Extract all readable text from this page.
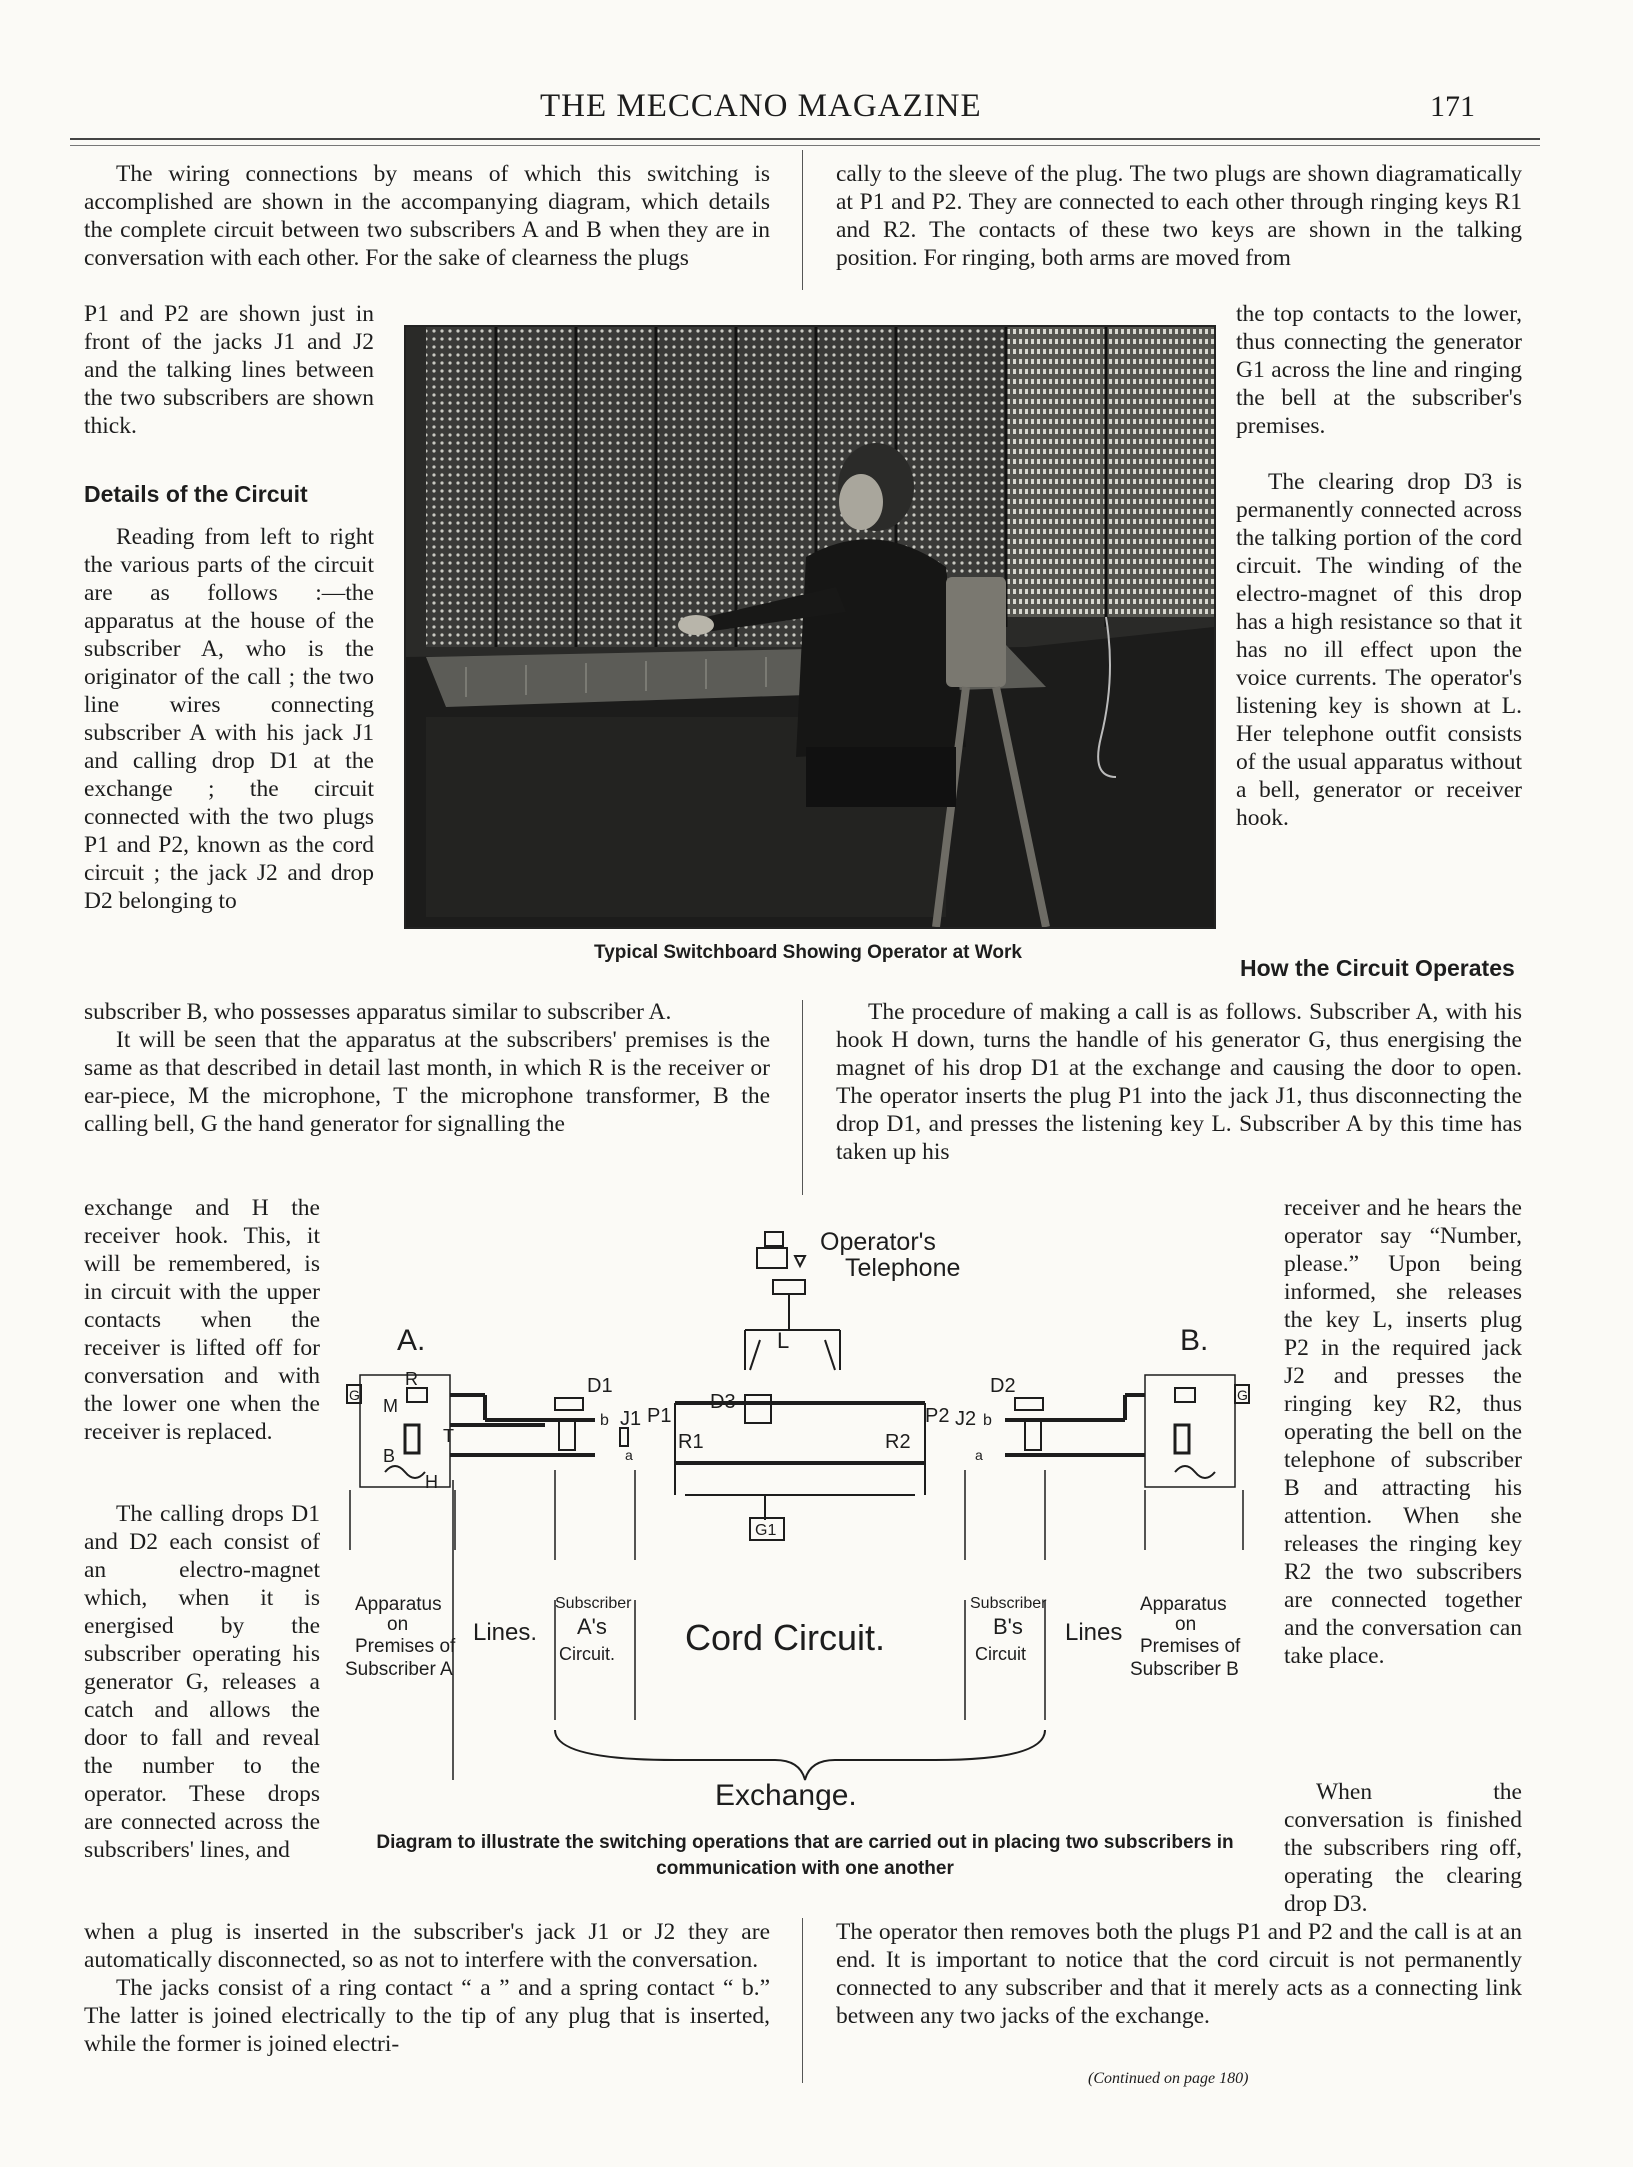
THE MECCANO MAGAZINE	171

The wiring connections by means of which this switching is accomplished are shown in the accompanying diagram, which details the complete circuit between two subscribers A and B when they are in conversation with each other. For the sake of clearness the plugs

cally to the sleeve of the plug. The two plugs are shown diagramatically at P1 and P2. They are connected to each other through ringing keys R1 and R2. The contacts of these two keys are shown in the talking position. For ringing, both arms are moved from

P1 and P2 are shown just in front of the jacks J1 and J2 and the talking lines between the two subscribers are shown thick.

Details of the Circuit

Reading from left to right the various parts of the circuit are as follows :—the apparatus at the house of the subscriber A, who is the originator of the call ; the two line wires connecting subscriber A with his jack J1 and calling drop D1 at the exchange ; the circuit connected with the two plugs P1 and P2, known as the cord circuit ; the jack J2 and drop D2 belonging to

Typical Switchboard Showing Operator at Work

the top contacts to the lower, thus connecting the generator G1 across the line and ringing the bell at the subscriber's premises.

The clearing drop D3 is permanently connected across the talking portion of the cord circuit. The winding of the electro-magnet of this drop has a high resistance so that it has no ill effect upon the voice currents. The operator's listening key is shown at L. Her telephone outfit consists of the usual apparatus without a bell, generator or receiver hook.

How the Circuit Operates

subscriber B, who possesses apparatus similar to subscriber A.

It will be seen that the apparatus at the subscribers' premises is the same as that described in detail last month, in which R is the receiver or ear-piece, M the microphone, T the microphone transformer, B the calling bell, G the hand generator for signalling the

The procedure of making a call is as follows. Subscriber A, with his hook H down, turns the handle of his generator G, thus energising the magnet of his drop D1 at the exchange and causing the door to open. The operator inserts the plug P1 into the jack J1, thus disconnecting the drop D1, and presses the listening key L. Subscriber A by this time has taken up his

exchange and H the receiver hook. This, it will be remembered, is in circuit with the upper contacts when the receiver is lifted off for conversation and with the lower one when the receiver is replaced.

The calling drops D1 and D2 each consist of an electro-magnet which, when it is energised by the subscriber operating his generator G, releases a catch and allows the door to fall and reveal the number to the operator. These drops are connected across the subscribers' lines, and

receiver and he hears the operator say “Number, please.” Upon being informed, she releases the key L, inserts plug P2 in the required jack J2 and presses the ringing key R2, thus operating the bell on the telephone of subscriber B and attracting his attention. When she releases the ringing key R2 the two subscribers are connected together and the conversation can take place.

When the conversation is finished the subscribers ring off, operating the clearing drop D3.

Operator's
Telephone
L
A.	B.
G
R
M
T
B
H
D1
b J1
a
P1
R1
D3
G1
R2
P2 J2 b
a
D2	G
Apparatus
on
Premises of
Subscriber A
Lines.
Subscriber
A's
Circuit. Cord Circuit.
Subscriber
B's
Circuit
Lines
Apparatus
on
Premises of
Subscriber B
Exchange.
Diagram to illustrate the switching operations that are carried out in placing two subscribers in communication with one another

when a plug is inserted in the subscriber's jack J1 or J2 they are automatically disconnected, so as not to interfere with the conversation.

The jacks consist of a ring contact “ a ” and a spring contact “ b.” The latter is joined electrically to the tip of any plug that is inserted, while the former is joined electri-

The operator then removes both the plugs P1 and P2 and the call is at an end. It is important to notice that the cord circuit is not permanently connected to any subscriber and that it merely acts as a connecting link between any two jacks of the exchange.

(Continued on page 180)
